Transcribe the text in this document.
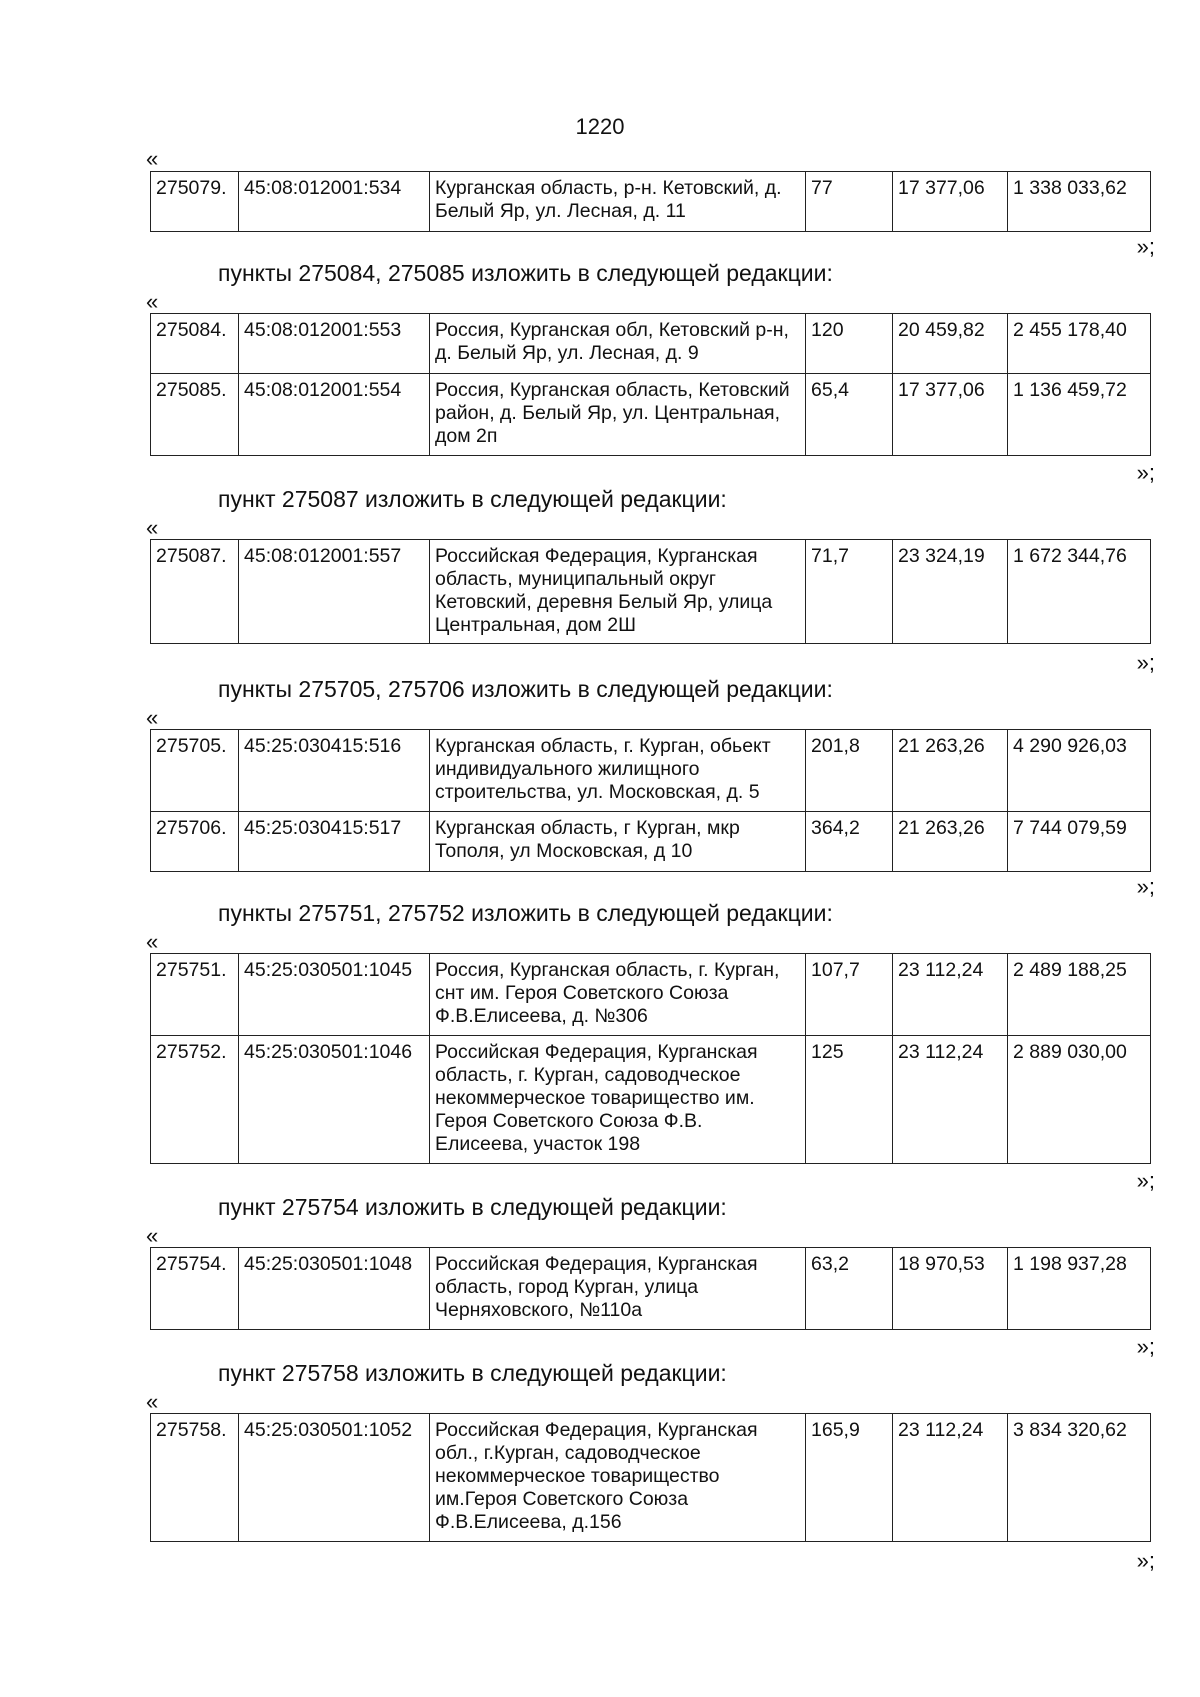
1220
«
275079.	45:08:012001:534	Курганская область, р-н. Кетовский, д. Белый Яр, ул. Лесная, д. 11	77	17 377,06	1 338 033,62
»;
пункты 275084, 275085 изложить в следующей редакции:
«
275084.	45:08:012001:553	Россия, Курганская обл, Кетовский р-н, д. Белый Яр, ул. Лесная, д. 9	120	20 459,82	2 455 178,40
275085.	45:08:012001:554	Россия, Курганская область, Кетовский район, д. Белый Яр, ул. Центральная, дом 2п	65,4	17 377,06	1 136 459,72
»;
пункт 275087 изложить в следующей редакции:
«
275087.	45:08:012001:557	Российская Федерация, Курганская область, муниципальный округ Кетовский, деревня Белый Яр, улица Центральная, дом 2Ш	71,7	23 324,19	1 672 344,76
»;
пункты 275705, 275706 изложить в следующей редакции:
«
275705.	45:25:030415:516	Курганская область, г. Курган, обьект индивидуального жилищного строительства, ул. Московская, д. 5	201,8	21 263,26	4 290 926,03
275706.	45:25:030415:517	Курганская область, г Курган, мкр Тополя, ул Московская, д 10	364,2	21 263,26	7 744 079,59
»;
пункты 275751, 275752 изложить в следующей редакции:
«
275751.	45:25:030501:1045	Россия, Курганская область, г. Курган, снт им. Героя Советского Союза Ф.В.Елисеева, д. №306	107,7	23 112,24	2 489 188,25
275752.	45:25:030501:1046	Российская Федерация, Курганская область, г. Курган, садоводческое некоммерческое товарищество им. Героя Советского Союза Ф.В. Елисеева, участок 198	125	23 112,24	2 889 030,00
»;
пункт 275754 изложить в следующей редакции:
«
275754.	45:25:030501:1048	Российская Федерация, Курганская область, город Курган, улица Черняховского, №110а	63,2	18 970,53	1 198 937,28
»;
пункт 275758 изложить в следующей редакции:
«
275758.	45:25:030501:1052	Российская Федерация, Курганская обл., г.Курган, садоводческое некоммерческое товарищество им.Героя Советского Союза Ф.В.Елисеева, д.156	165,9	23 112,24	3 834 320,62
»;
